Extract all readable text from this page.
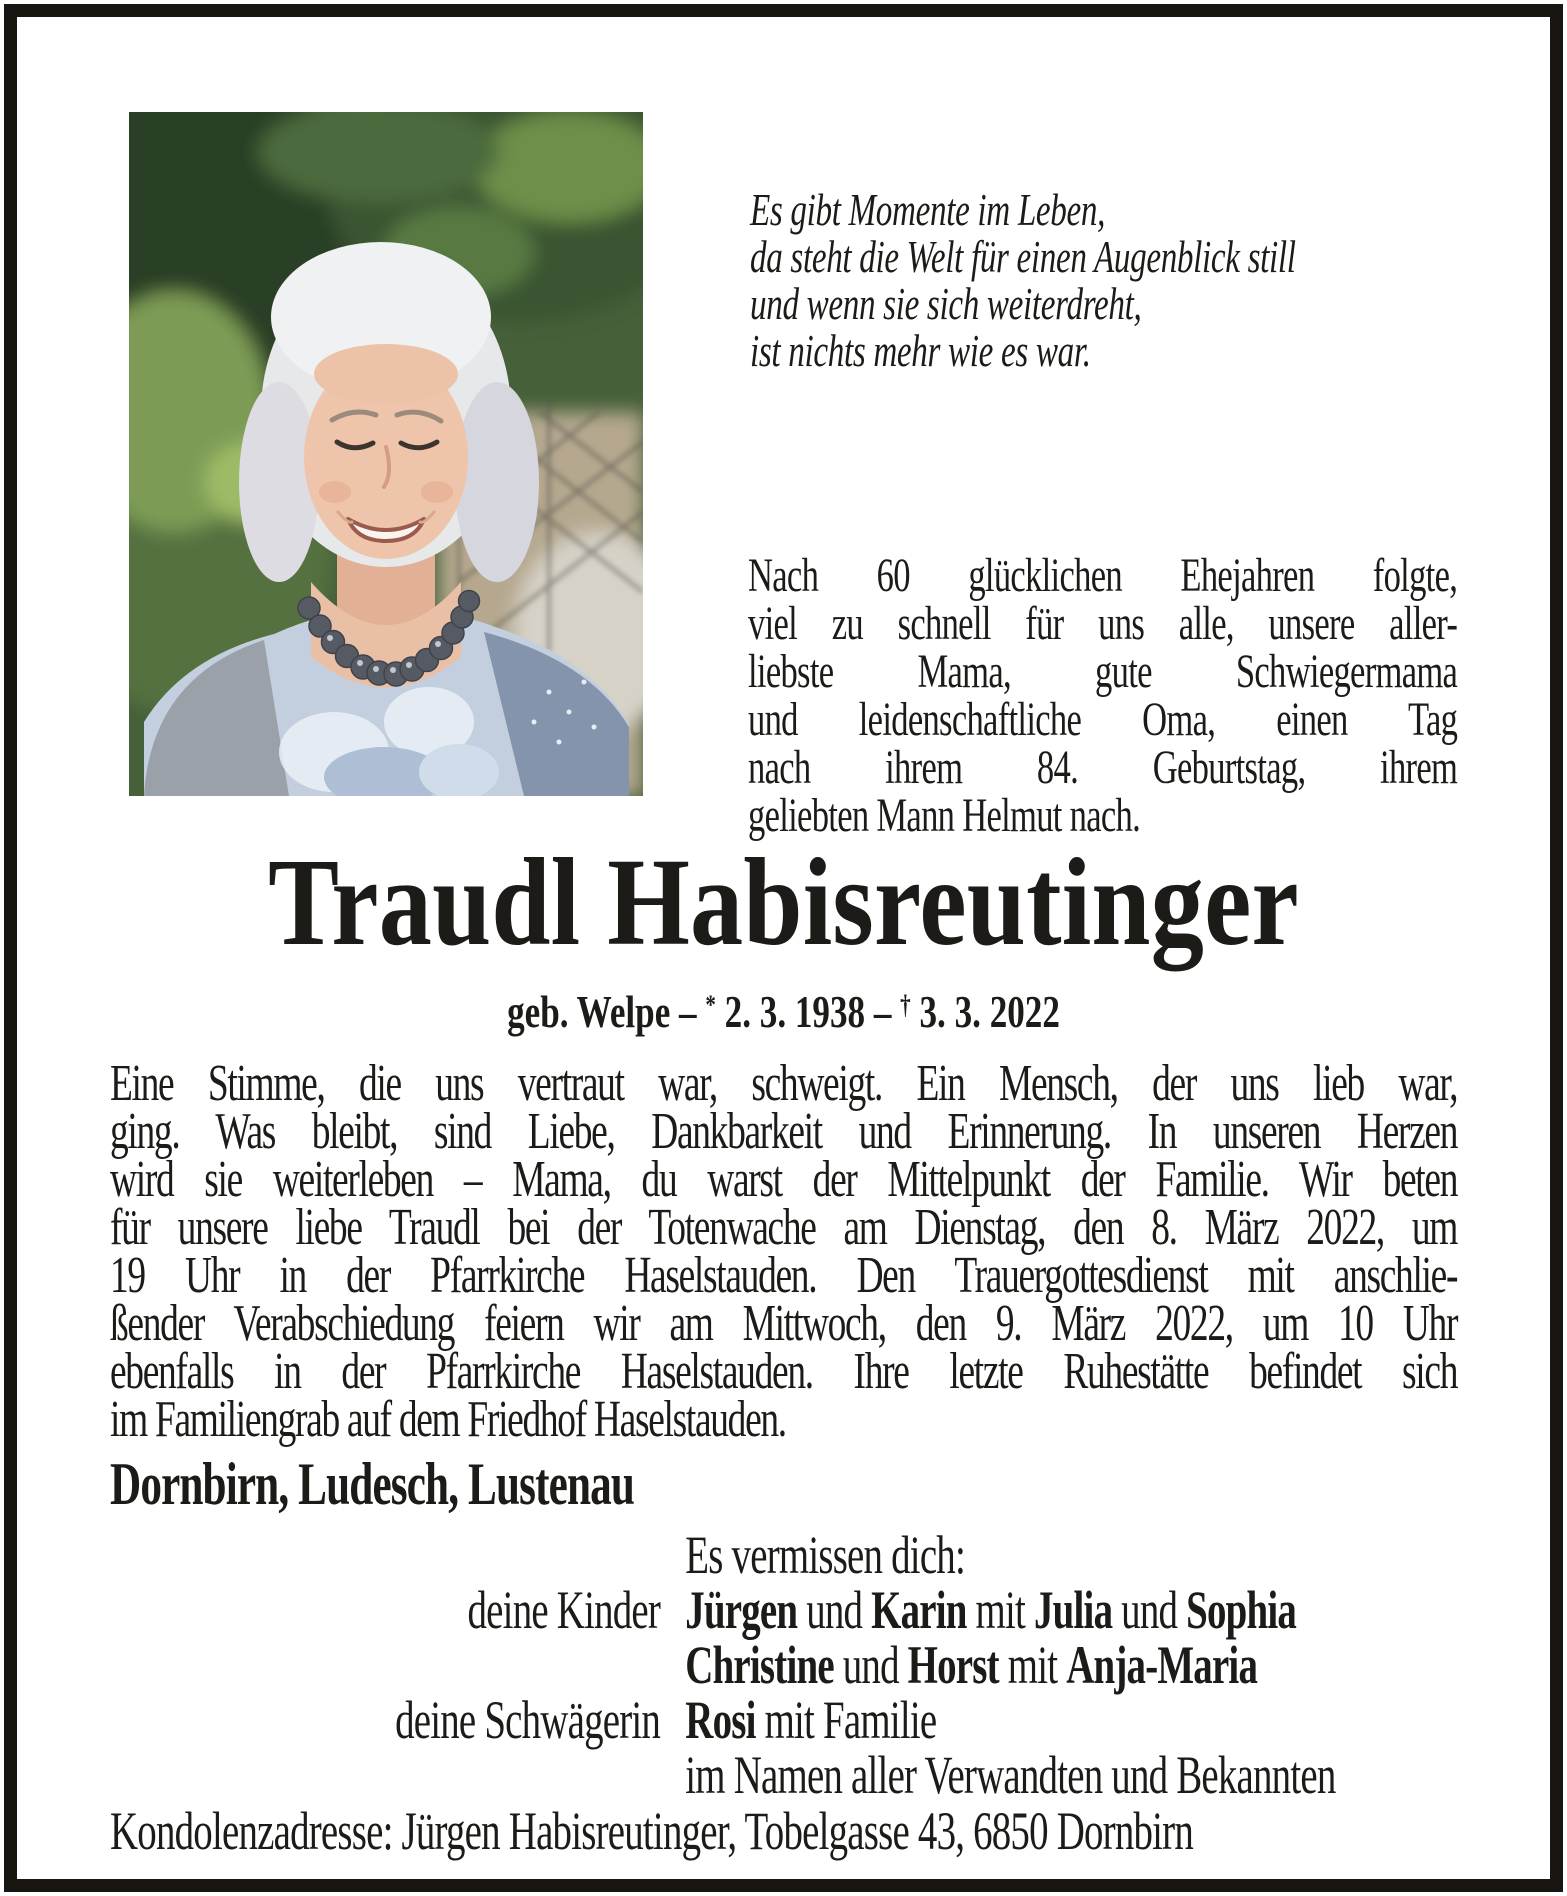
Es gibt Momente im Leben,
da steht die Welt für einen Augenblick still
und wenn sie sich weiterdreht,
ist nichts mehr wie es war.
Nach 60 glücklichen Ehejahren folgte,
viel zu schnell für uns alle, unsere aller-
liebste Mama, gute Schwiegermama
und leidenschaftliche Oma, einen Tag
nach ihrem 84. Geburtstag, ihrem
geliebten Mann Helmut nach.
Traudl Habisreutinger
geb. Welpe – * 2. 3. 1938 – † 3. 3. 2022
Eine Stimme, die uns vertraut war, schweigt. Ein Mensch, der uns lieb war,
ging. Was bleibt, sind Liebe, Dankbarkeit und Erinnerung. In unseren Herzen
wird sie weiterleben – Mama, du warst der Mittelpunkt der Familie. Wir beten
für unsere liebe Traudl bei der Totenwache am Dienstag, den 8. März 2022, um
19 Uhr in der Pfarrkirche Haselstauden. Den Trauergottesdienst mit anschlie-
ßender Verabschiedung feiern wir am Mittwoch, den 9. März 2022, um 10 Uhr
ebenfalls in der Pfarrkirche Haselstauden. Ihre letzte Ruhestätte befindet sich
im Familiengrab auf dem Friedhof Haselstauden.
Dornbirn, Ludesch, Lustenau
Es vermissen dich:
deine Kinder Jürgen und Karin mit Julia und Sophia
Christine und Horst mit Anja-Maria
deine Schwägerin Rosi mit Familie
im Namen aller Verwandten und Bekannten
Kondolenzadresse: Jürgen Habisreutinger, Tobelgasse 43, 6850 Dornbirn
